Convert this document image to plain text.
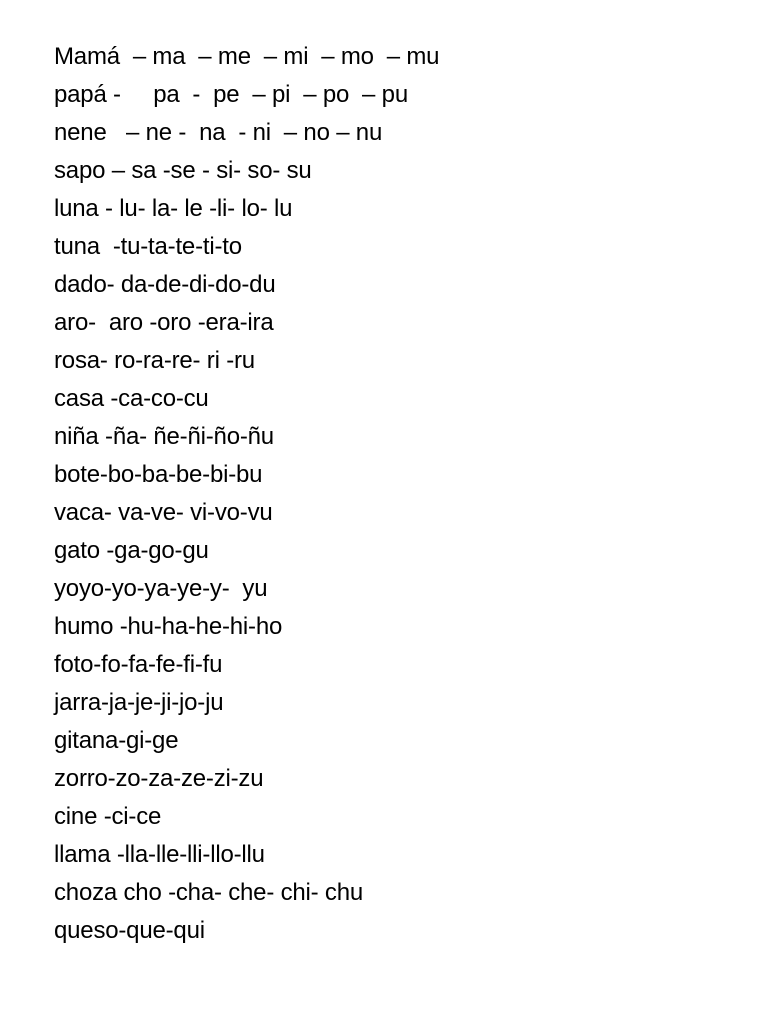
Mamá  – ma  – me  – mi  – mo  – mu
papá -     pa  -  pe  – pi  – po  – pu
nene   – ne -  na  - ni  – no – nu
sapo – sa -se - si- so- su
luna - lu- la- le -li- lo- lu
tuna  -tu-ta-te-ti-to
dado- da-de-di-do-du
aro-  aro -oro -era-ira
rosa- ro-ra-re- ri -ru
casa -ca-co-cu
niña -ña- ñe-ñi-ño-ñu
bote-bo-ba-be-bi-bu
vaca- va-ve- vi-vo-vu
gato -ga-go-gu
yoyo-yo-ya-ye-y-  yu
humo -hu-ha-he-hi-ho
foto-fo-fa-fe-fi-fu
jarra-ja-je-ji-jo-ju
gitana-gi-ge
zorro-zo-za-ze-zi-zu
cine -ci-ce
llama -lla-lle-lli-llo-llu
choza cho -cha- che- chi- chu
queso-que-qui
